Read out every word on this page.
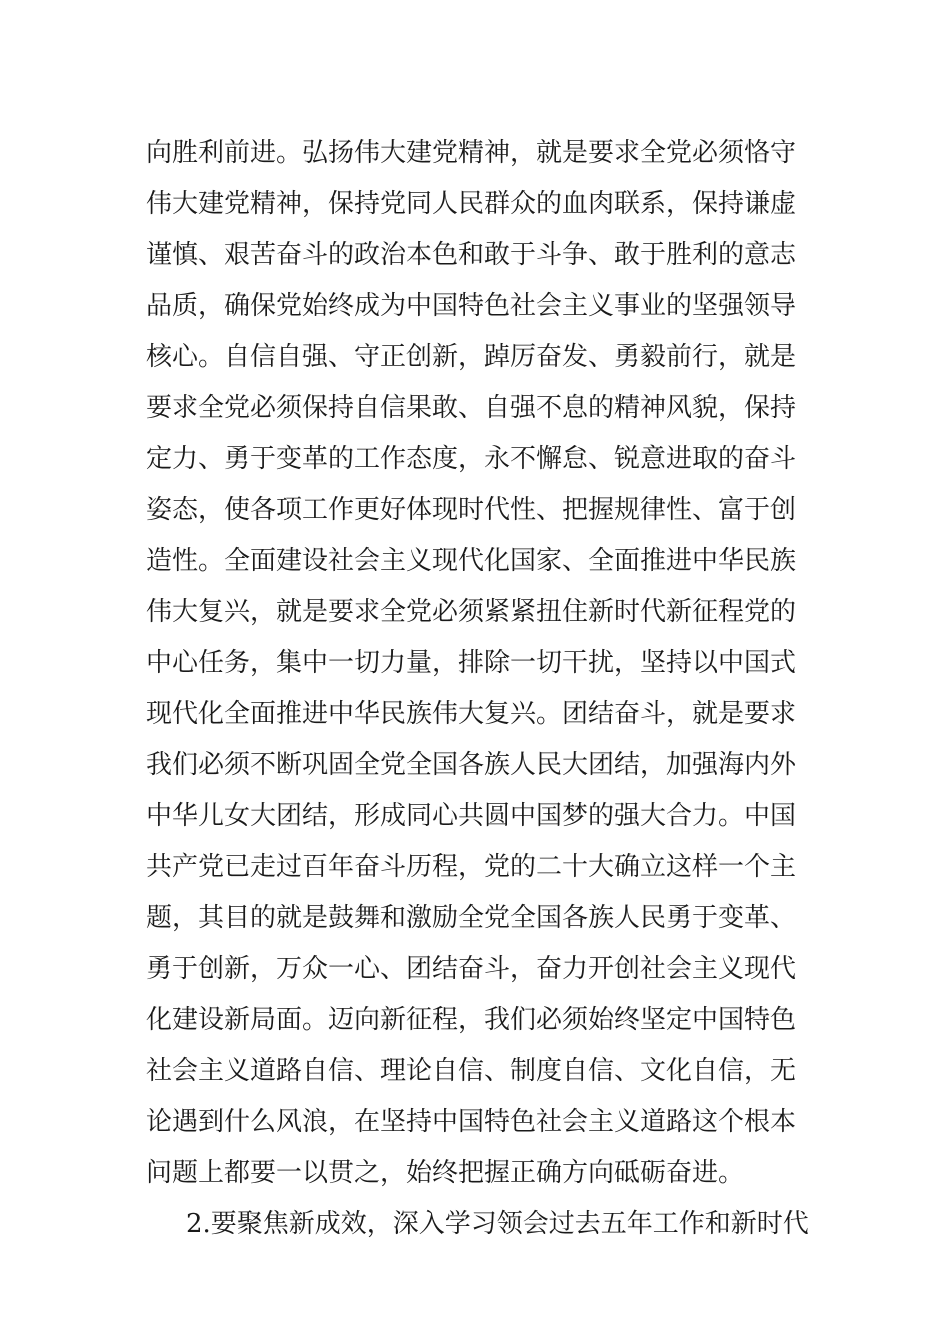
向胜利前进。弘扬伟大建党精神，就是要求全党必须恪守
伟大建党精神，保持党同人民群众的血肉联系，保持谦虚
谨慎、艰苦奋斗的政治本色和敢于斗争、敢于胜利的意志
品质，确保党始终成为中国特色社会主义事业的坚强领导
核心。自信自强、守正创新，踔厉奋发、勇毅前行，就是
要求全党必须保持自信果敢、自强不息的精神风貌，保持
定力、勇于变革的工作态度，永不懈怠、锐意进取的奋斗
姿态，使各项工作更好体现时代性、把握规律性、富于创
造性。全面建设社会主义现代化国家、全面推进中华民族
伟大复兴，就是要求全党必须紧紧扭住新时代新征程党的
中心任务，集中一切力量，排除一切干扰，坚持以中国式
现代化全面推进中华民族伟大复兴。团结奋斗，就是要求
我们必须不断巩固全党全国各族人民大团结，加强海内外
中华儿女大团结，形成同心共圆中国梦的强大合力。中国
共产党已走过百年奋斗历程，党的二十大确立这样一个主
题，其目的就是鼓舞和激励全党全国各族人民勇于变革、
勇于创新，万众一心、团结奋斗，奋力开创社会主义现代
化建设新局面。迈向新征程，我们必须始终坚定中国特色
社会主义道路自信、理论自信、制度自信、文化自信，无
论遇到什么风浪，在坚持中国特色社会主义道路这个根本
问题上都要一以贯之，始终把握正确方向砥砺奋进。
2.要聚焦新成效，深入学习领会过去五年工作和新时代
